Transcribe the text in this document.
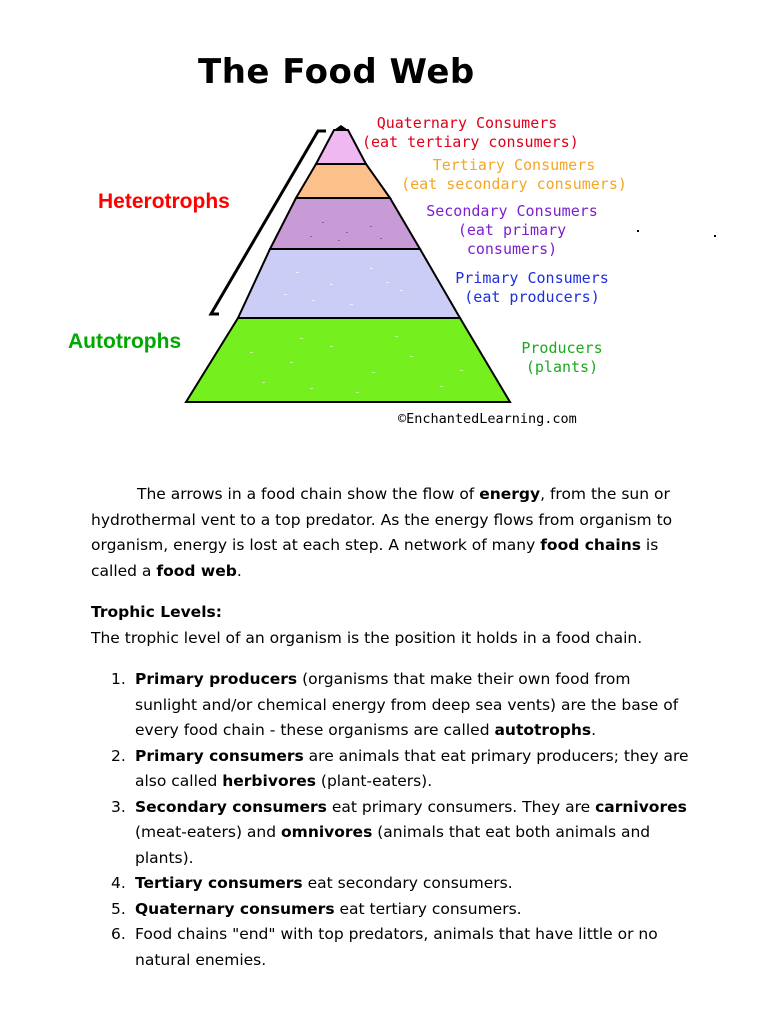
The Food Web
Heterotrophs
Autotrophs
Quaternary Consumers
(eat tertiary consumers)
Tertiary Consumers
(eat secondary consumers)
Secondary Consumers
(eat primary
consumers)
Primary Consumers
(eat producers)
Producers
(plants)
©EnchantedLearning.com

The arrows in a food chain show the flow of energy, from the sun or hydrothermal vent to a top predator. As the energy flows from organism to organism, energy is lost at each step. A network of many food chains is called a food web.

Trophic Levels:

The trophic level of an organism is the position it holds in a food chain.

1. Primary producers (organisms that make their own food from sunlight and/or chemical energy from deep sea vents) are the base of every food chain - these organisms are called autotrophs.
2. Primary consumers are animals that eat primary producers; they are also called herbivores (plant-eaters).
3. Secondary consumers eat primary consumers. They are carnivores (meat-eaters) and omnivores (animals that eat both animals and plants).
4. Tertiary consumers eat secondary consumers.
5. Quaternary consumers eat tertiary consumers.
6. Food chains "end" with top predators, animals that have little or no natural enemies.
